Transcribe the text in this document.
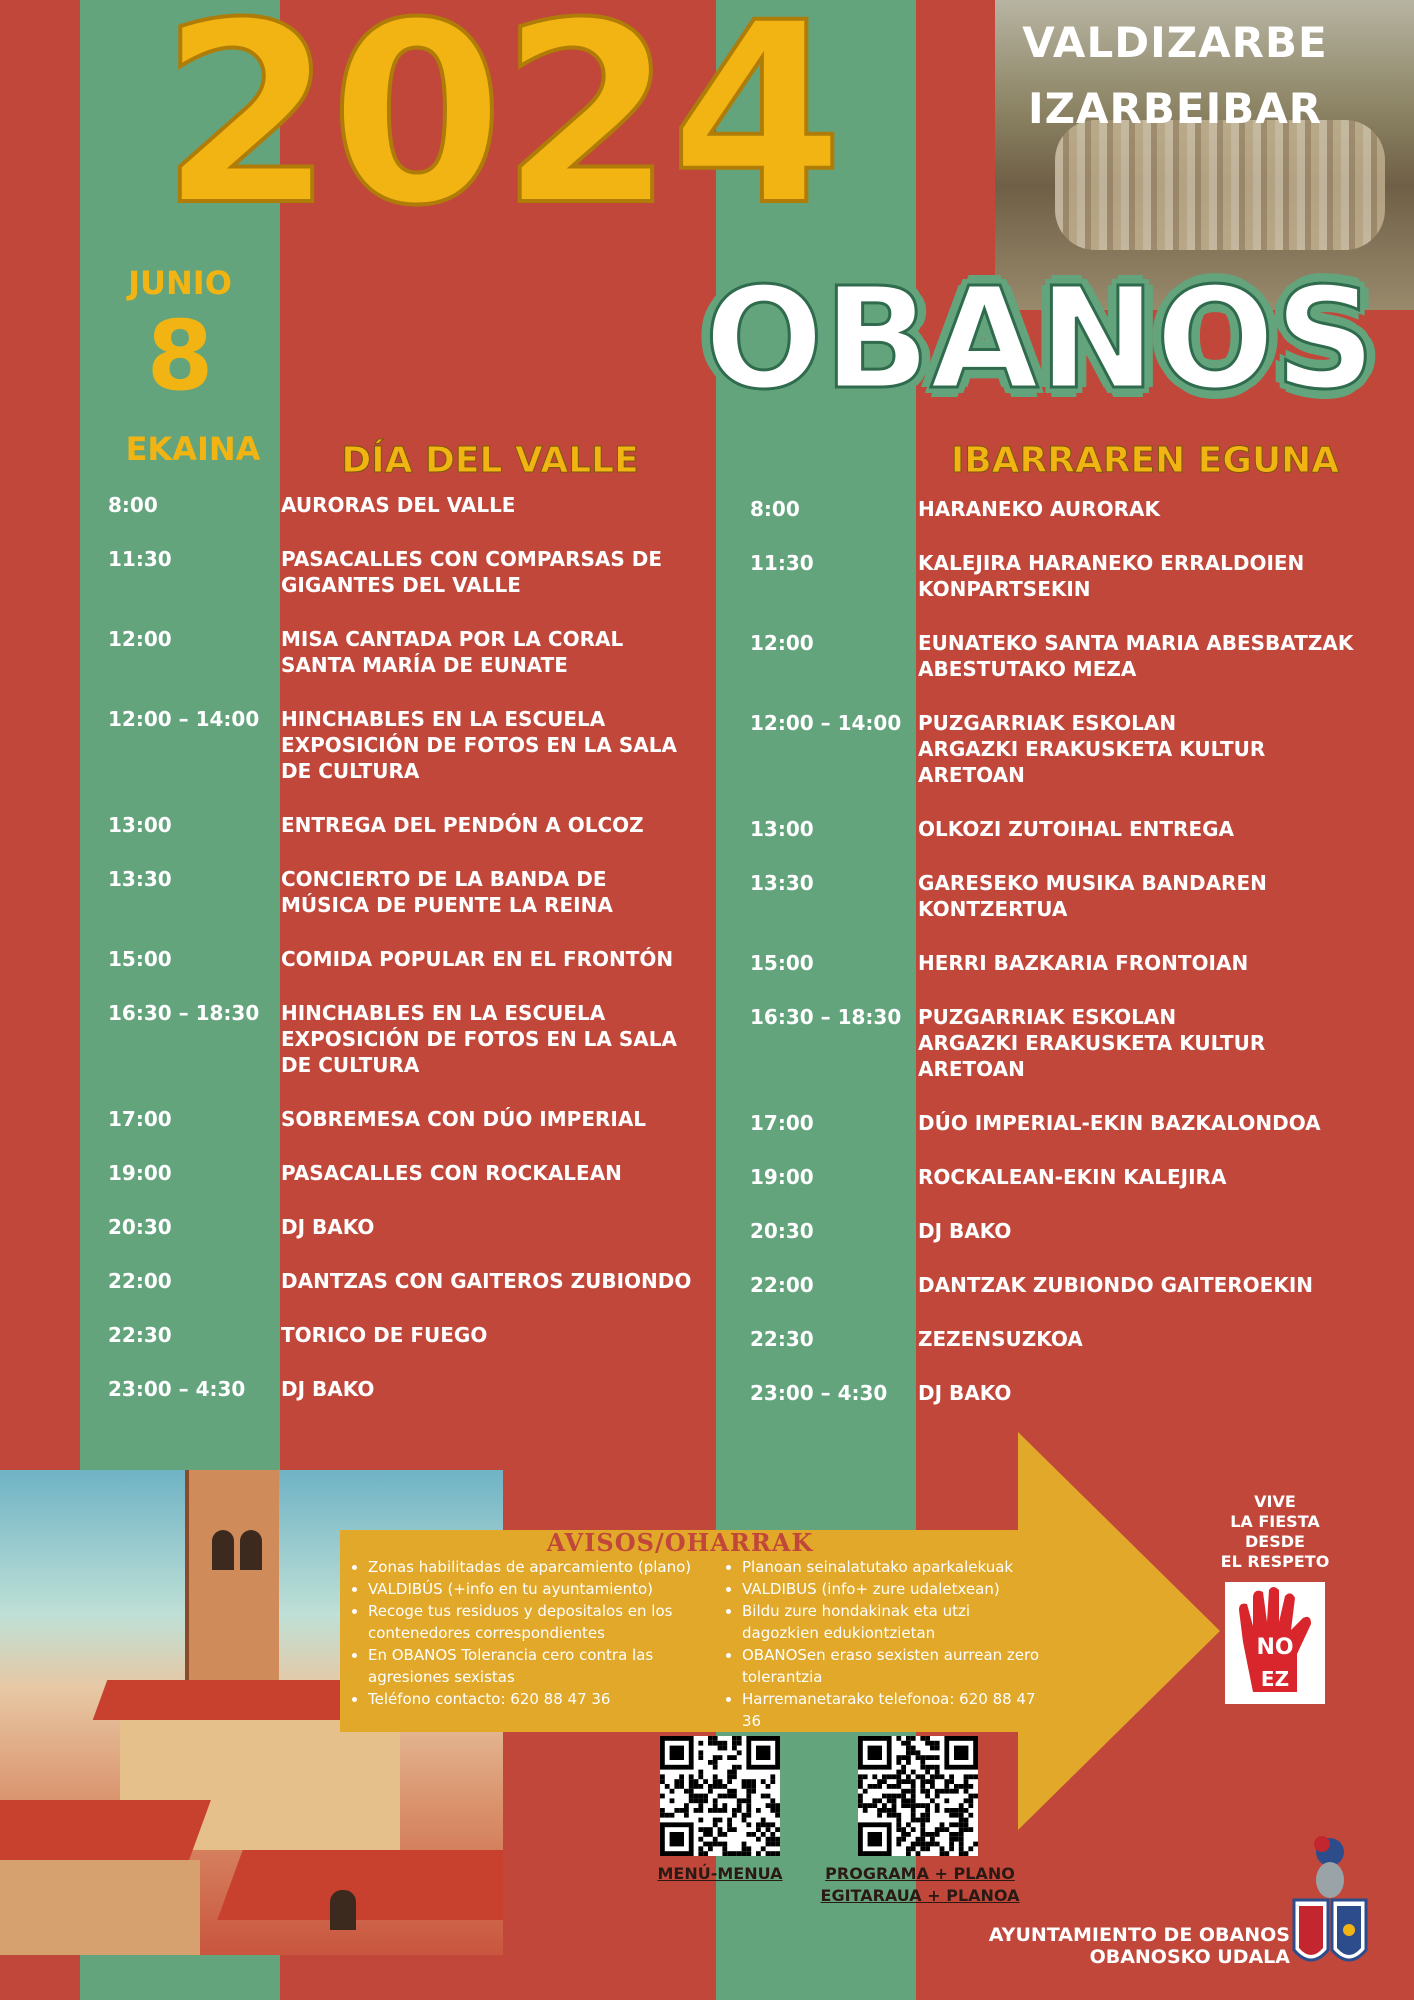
2024	VALDIZARBE
IZARBEIBAR
OBANOS
JUNIO
8
EKAINA	DÍA DEL VALLE	IBARRAREN EGUNA
8:00	AURORAS DEL VALLE
11:30	PASACALLES CON COMPARSAS DE
GIGANTES DEL VALLE
12:00	MISA CANTADA POR LA CORAL
SANTA MARÍA DE EUNATE
12:00 – 14:00	HINCHABLES EN LA ESCUELA
EXPOSICIÓN DE FOTOS EN LA SALA
DE CULTURA
13:00	ENTREGA DEL PENDÓN A OLCOZ
13:30	CONCIERTO DE LA BANDA DE
MÚSICA DE PUENTE LA REINA
15:00	COMIDA POPULAR EN EL FRONTÓN
16:30 – 18:30	HINCHABLES EN LA ESCUELA
EXPOSICIÓN DE FOTOS EN LA SALA
DE CULTURA
17:00	SOBREMESA CON DÚO IMPERIAL
19:00	PASACALLES CON ROCKALEAN
20:30	DJ BAKO
22:00	DANTZAS CON GAITEROS ZUBIONDO
22:30	TORICO DE FUEGO
23:00 – 4:30	DJ BAKO
8:00	HARANEKO AURORAK
11:30	KALEJIRA HARANEKO ERRALDOIEN
KONPARTSEKIN
12:00	EUNATEKO SANTA MARIA ABESBATZAK
ABESTUTAKO MEZA
12:00 – 14:00 PUZGARRIAK ESKOLAN
ARGAZKI ERAKUSKETA KULTUR
ARETOAN
13:00	OLKOZI ZUTOIHAL ENTREGA
13:30	GARESEKO MUSIKA BANDAREN
KONTZERTUA
15:00	HERRI BAZKARIA FRONTOIAN
16:30 – 18:30 PUZGARRIAK ESKOLAN
ARGAZKI ERAKUSKETA KULTUR
ARETOAN
17:00	DÚO IMPERIAL-EKIN BAZKALONDOA
19:00	ROCKALEAN-EKIN KALEJIRA
20:30	DJ BAKO
22:00	DANTZAK ZUBIONDO GAITEROEKIN
22:30	ZEZENSUZKOA
23:00 – 4:30	DJ BAKO
AVISOS/OHARRAK
• Zonas habilitadas de aparcamiento (plano)
• VALDIBÚS (+info en tu ayuntamiento)
• Recoge tus residuos y depositalos en los contenedores correspondientes
• En OBANOS Tolerancia cero contra las agresiones sexistas
• Teléfono contacto: 620 88 47 36
• Planoan seinalatutako aparkalekuak
• VALDIBUS (info+ zure udaletxean)
• Bildu zure hondakinak eta utzi dagozkien edukiontzietan
• OBANOSen eraso sexisten aurrean zero tolerantzia
• Harremanetarako telefonoa: 620 88 47 36
MENÚ-MENUA	PROGRAMA + PLANO
EGITARAUA + PLANOA
VIVE
LA FIESTA
DESDE
EL RESPETO
NO
EZ
AYUNTAMIENTO DE OBANOS
OBANOSKO UDALA
